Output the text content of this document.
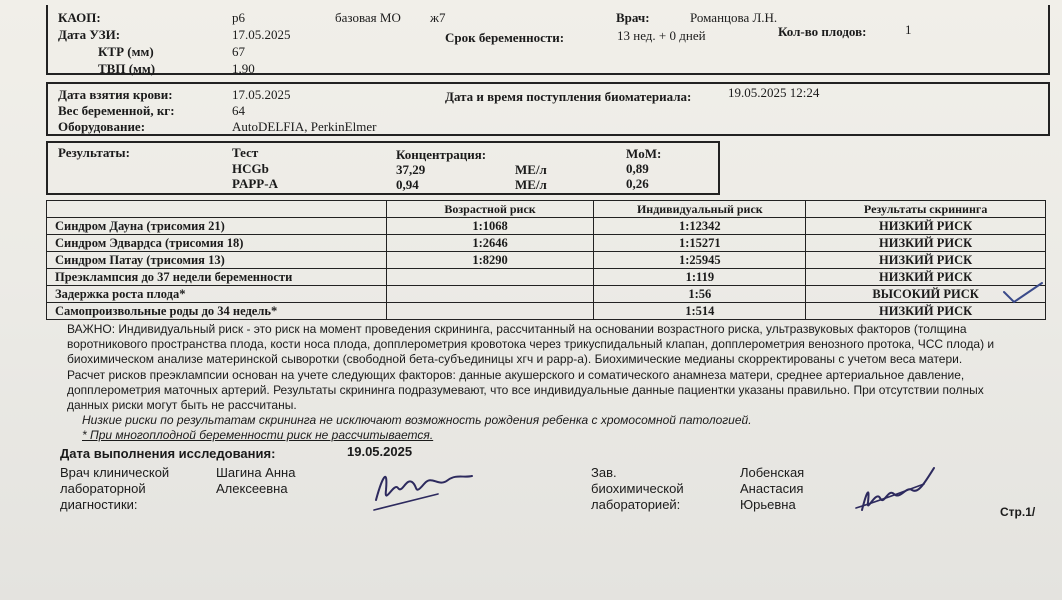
КАОП:	р6	базовая МО ж7	Врач:	Романцова Л.Н.
Дата УЗИ:	17.05.2025	Срок беременности:	13 нед. + 0 дней	Кол-во плодов:	1
КТР (мм)	67
ТВП (мм)	1,90
Дата взятия крови:	17.05.2025	Дата и время поступления биоматериала:	19.05.2025 12:24
Вес беременной, кг:	64
Оборудование:	AutoDELFIA, PerkinElmer
Результаты:	Тест	Концентрация:	MoM:
HCGb	37,29	МЕ/л	0,89
PAPP-A	0,94	МЕ/л	0,26
	Возрастной риск	Индивидуальный риск	Результаты скрининга
Синдром Дауна (трисомия 21)	1:1068	1:12342	НИЗКИЙ РИСК
Синдром Эдвардса (трисомия 18)	1:2646	1:15271	НИЗКИЙ РИСК
Синдром Патау (трисомия 13)	1:8290	1:25945	НИЗКИЙ РИСК
Преэклампсия до 37 недели беременности		1:119	НИЗКИЙ РИСК
Задержка роста плода*		1:56	ВЫСОКИЙ РИСК
Самопроизвольные роды до 34 недель*		1:514	НИЗКИЙ РИСК

ВАЖНО: Индивидуальный риск - это риск на момент проведения скрининга, рассчитанный на основании возрастного риска, ультразвуковых факторов (толщина

воротникового пространства плода, кости носа плода, допплерометрия кровотока через трикуспидальный клапан, допплерометрия венозного протока, ЧСС плода) и

биохимическом анализе материнской сыворотки (свободной бета-субъединицы хгч и papp-a). Биохимические медианы скорректированы с учетом веса матери.

Расчет рисков преэклампсии основан на учете следующих факторов: данные акушерского и соматического анамнеза матери, среднее артериальное давление,

допплерометрия маточных артерий. Результаты скрининга подразумевают, что все индивидуальные данные пациентки указаны правильно. При отсутствии полных

данных риски могут быть не рассчитаны.

Низкие риски по результатам скрининга не исключают возможность рождения ребенка с хромосомной патологией.

* При многоплодной беременности риск не рассчитывается.

Дата выполнения исследования:	19.05.2025
Врач клинической
лабораторной
диагностики:
Шагина Анна
Алексеевна
Зав.
биохимической
лабораторией:
Лобенская
Анастасия
Юрьевна	Стр.1/
